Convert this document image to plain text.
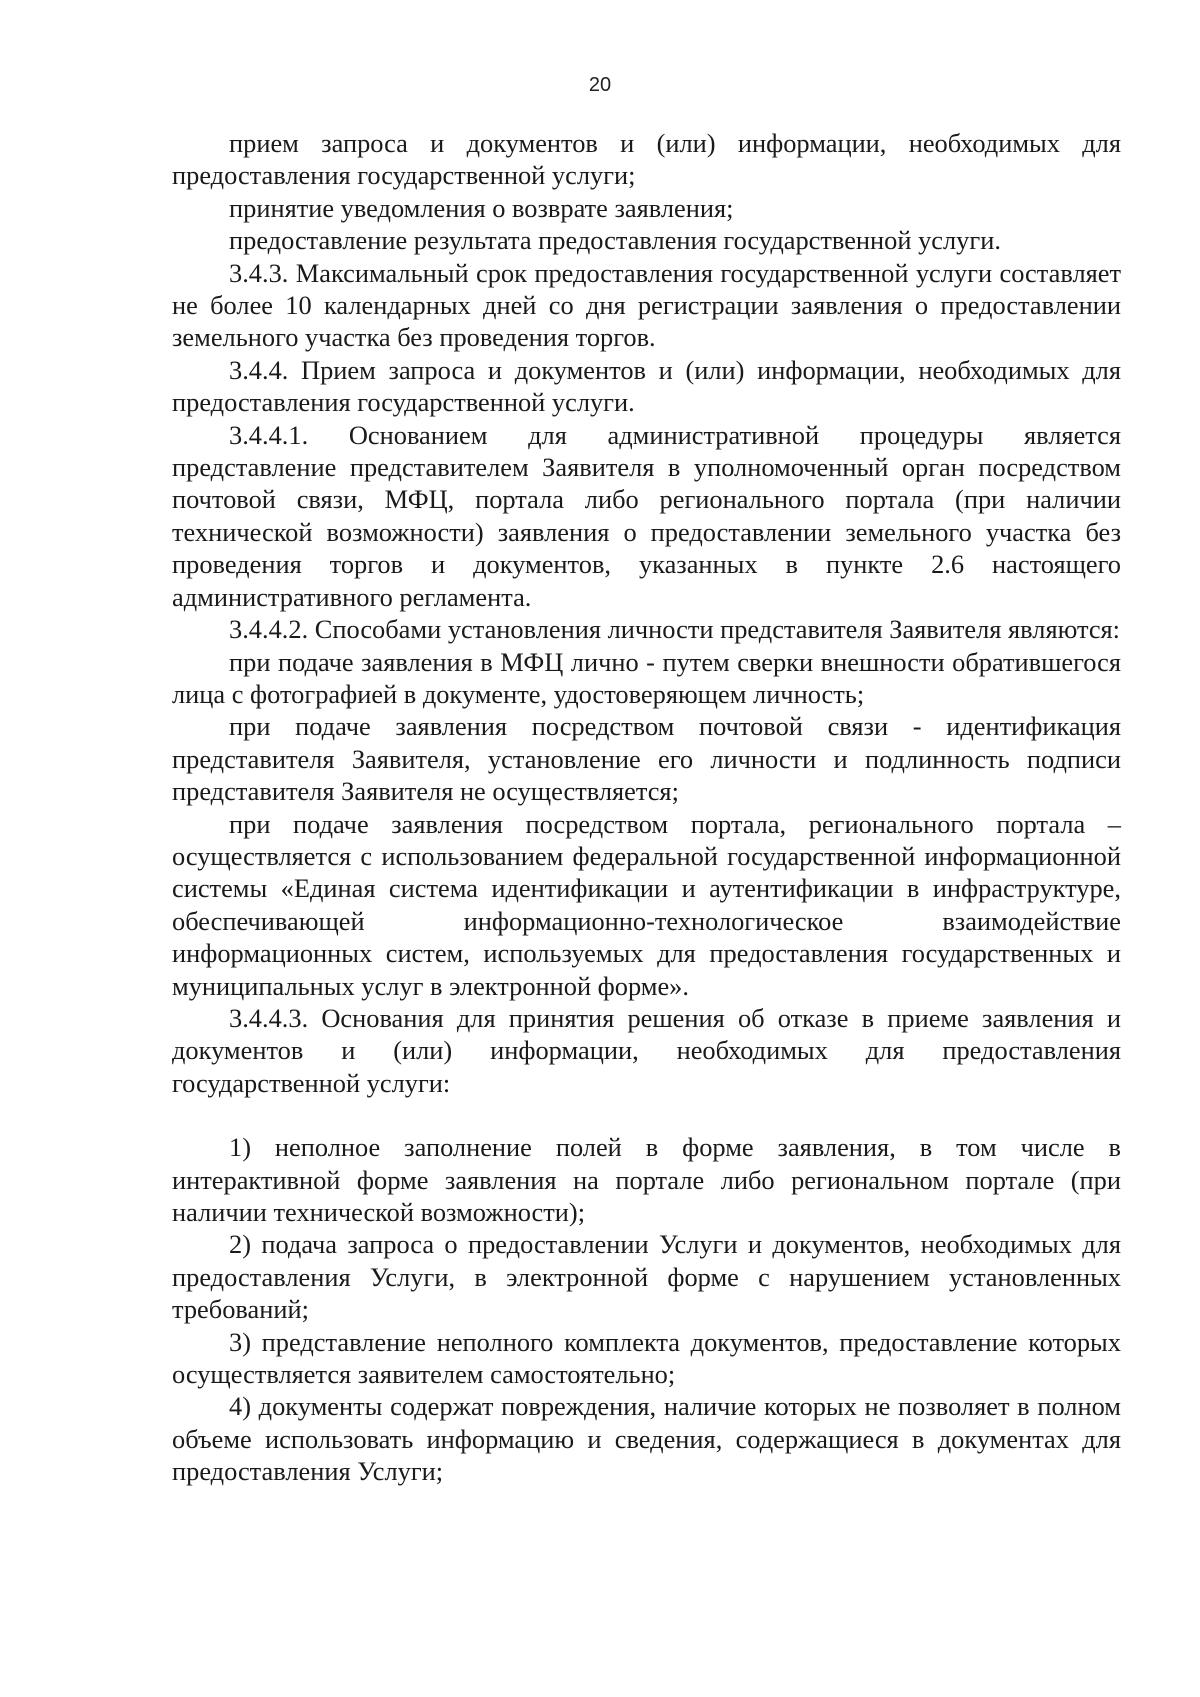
20

прием запроса и документов и (или) информации, необходимых для предоставления государственной услуги;

принятие уведомления о возврате заявления;

предоставление результата предоставления государственной услуги.

3.4.3. Максимальный срок предоставления государственной услуги составляет не более 10 календарных дней со дня регистрации заявления о предоставлении земельного участка без проведения торгов.

3.4.4. Прием запроса и документов и (или) информации, необходимых для предоставления государственной услуги.

3.4.4.1. Основанием для административной процедуры является представление представителем Заявителя в уполномоченный орган посредством почтовой связи, МФЦ, портала либо регионального портала (при наличии технической возможности) заявления о предоставлении земельного участка без проведения торгов и документов, указанных в пункте 2.6 настоящего административного регламента.

3.4.4.2. Способами установления личности представителя Заявителя являются:

при подаче заявления в МФЦ лично - путем сверки внешности обратившегося лица с фотографией в документе, удостоверяющем личность;

при подаче заявления посредством почтовой связи - идентификация представителя Заявителя, установление его личности и подлинность подписи представителя Заявителя не осуществляется;

при подаче заявления посредством портала, регионального портала – осуществляется с использованием федеральной государственной информационной системы «Единая система идентификации и аутентификации в инфраструктуре, обеспечивающей информационно-технологическое взаимодействие информационных систем, используемых для предоставления государственных и муниципальных услуг в электронной форме».

3.4.4.3. Основания для принятия решения об отказе в приеме заявления и документов и (или) информации, необходимых для предоставления государственной услуги:

1) неполное заполнение полей в форме заявления, в том числе в интерактивной форме заявления на портале либо региональном портале (при наличии технической возможности);

2) подача запроса о предоставлении Услуги и документов, необходимых для предоставления Услуги, в электронной форме с нарушением установленных требований;

3) представление неполного комплекта документов, предоставление которых осуществляется заявителем самостоятельно;

4) документы содержат повреждения, наличие которых не позволяет в полном объеме использовать информацию и сведения, содержащиеся в документах для предоставления Услуги;
